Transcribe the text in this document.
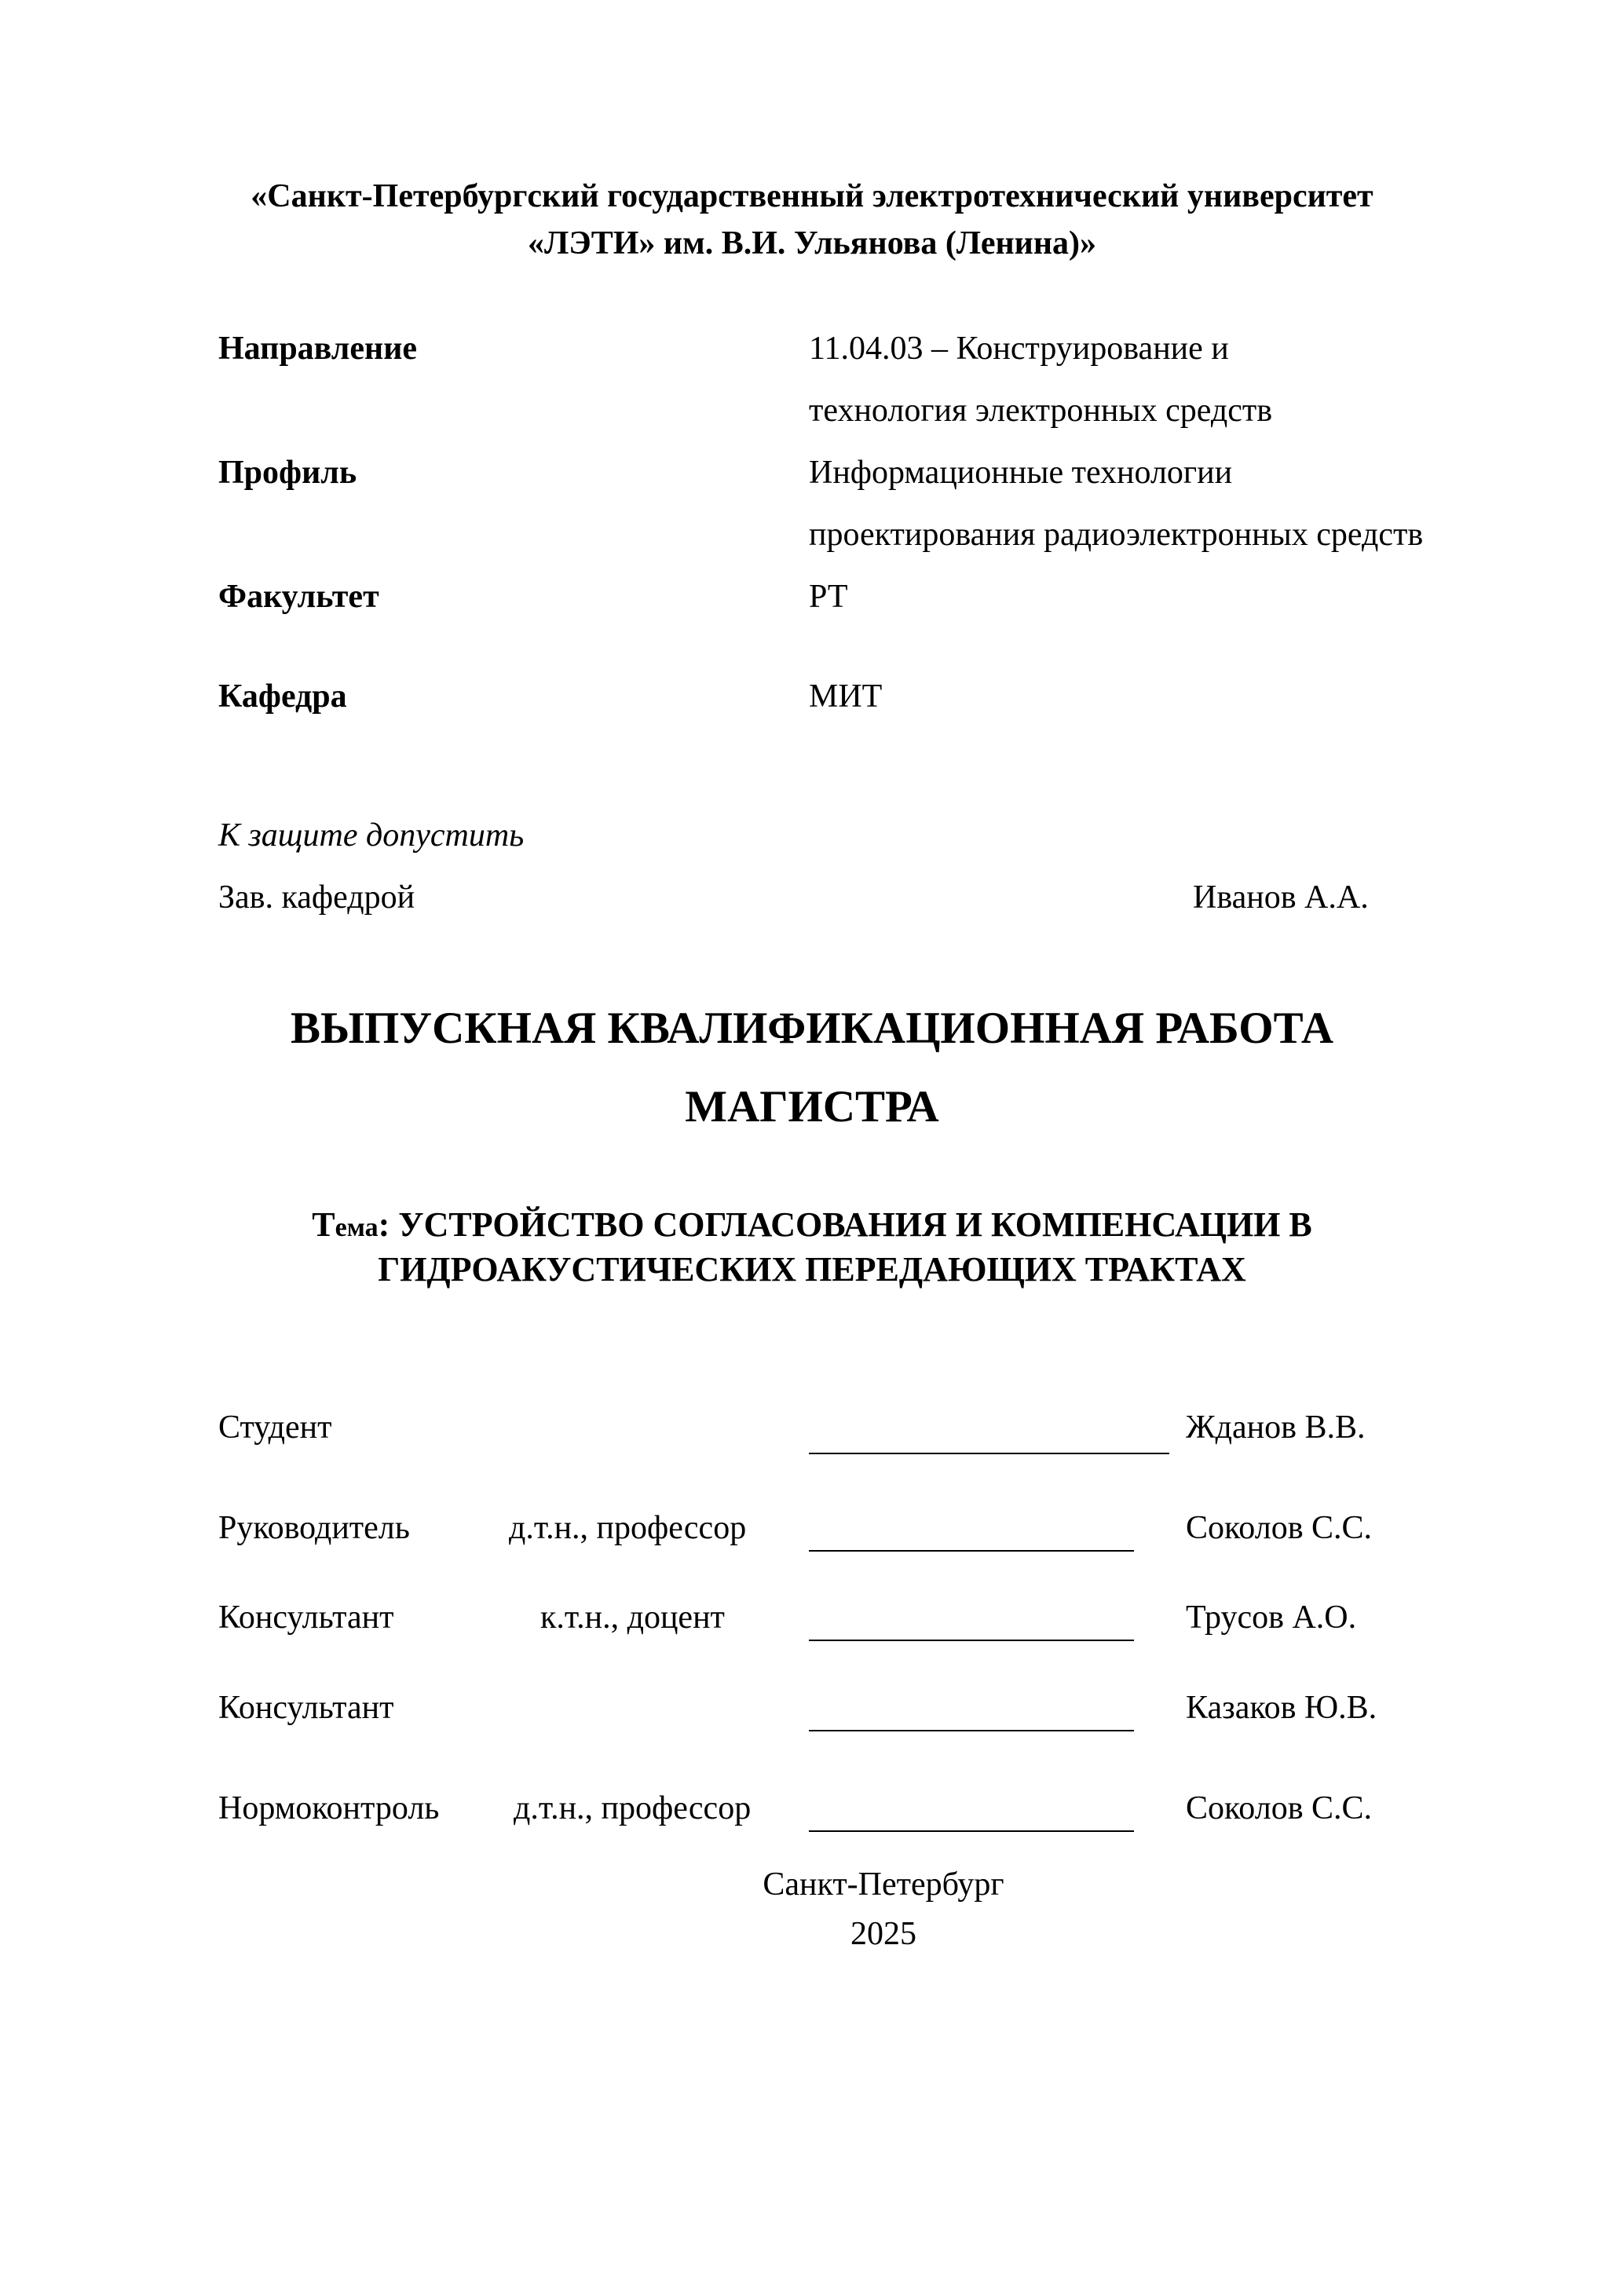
«Санкт-Петербургский государственный электротехнический университет
«ЛЭТИ» им. В.И. Ульянова (Ленина)»
Направление	11.04.03 – Конструирование и
технология электронных средств
Профиль	Информационные технологии
проектирования радиоэлектронных средств
Факультет	РТ
Кафедра	МИТ
К защите допустить
Зав. кафедрой	Иванов А.А.
ВЫПУСКНАЯ КВАЛИФИКАЦИОННАЯ РАБОТА
МАГИСТРА
Тема: УСТРОЙСТВО СОГЛАСОВАНИЯ И КОМПЕНСАЦИИ В
ГИДРОАКУСТИЧЕСКИХ ПЕРЕДАЮЩИХ ТРАКТАХ
Студент	Жданов В.В.
Руководитель	д.т.н., профессор	Соколов С.С.
Консультант	к.т.н., доцент	Трусов А.О.
Консультант	Казаков Ю.В.
Нормоконтроль д.т.н., профессор	Соколов С.С.
Санкт-Петербург
2025
